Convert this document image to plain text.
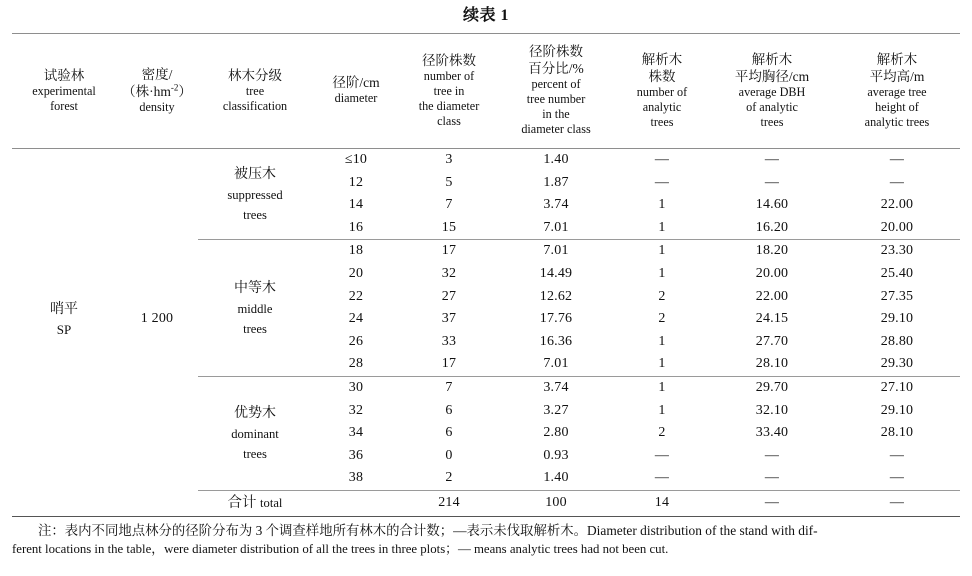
续表 1
试验林
experimental
forest

密度/
（株$\cdot hm^{-2}$）
density

林木分级
tree
classification

径阶/cm
diameter

径阶株数
number of
tree in
the diameter
class

径阶株数
百分比/%
percent of
tree number
in the
diameter class

解析木
株数
number of
analytic
trees

解析木
平均胸径/cm
average DBH
of analytic
trees

解析木
平均高/m
average tree
height of
analytic trees

哨平
SP	1 200	被压木
suppressed
trees	≤10	3	1.40	—	—	—
			12	5	1.87	—	—	—
			14	7	3.74	1	14.60	22.00
			16	15	7.01	1	16.20	20.00

		中等木
middle
trees	18	17	7.01	1	18.20	23.30
			20	32	14.49	1	20.00	25.40
			22	27	12.62	2	22.00	27.35
			24	37	17.76	2	24.15	29.10
			26	33	16.36	1	27.70	28.80
			28	17	7.01	1	28.10	29.30

		优势木
dominant
trees	30	7	3.74	1	29.70	27.10
			32	6	3.27	1	32.10	29.10
			34	6	2.80	2	33.40	28.10
			36	0	0.93	—	—	—
			38	2	1.40	—	—	—
		合计 total		214	100	14	—	—

注：表内不同地点林分的径阶分布为 3 个调查样地所有林木的合计数；—表示未伐取解析木。Diameter distribution of the stand with dif-
ferent locations in the table，were diameter distribution of all the trees in three plots；— means analytic trees had not been cut.
